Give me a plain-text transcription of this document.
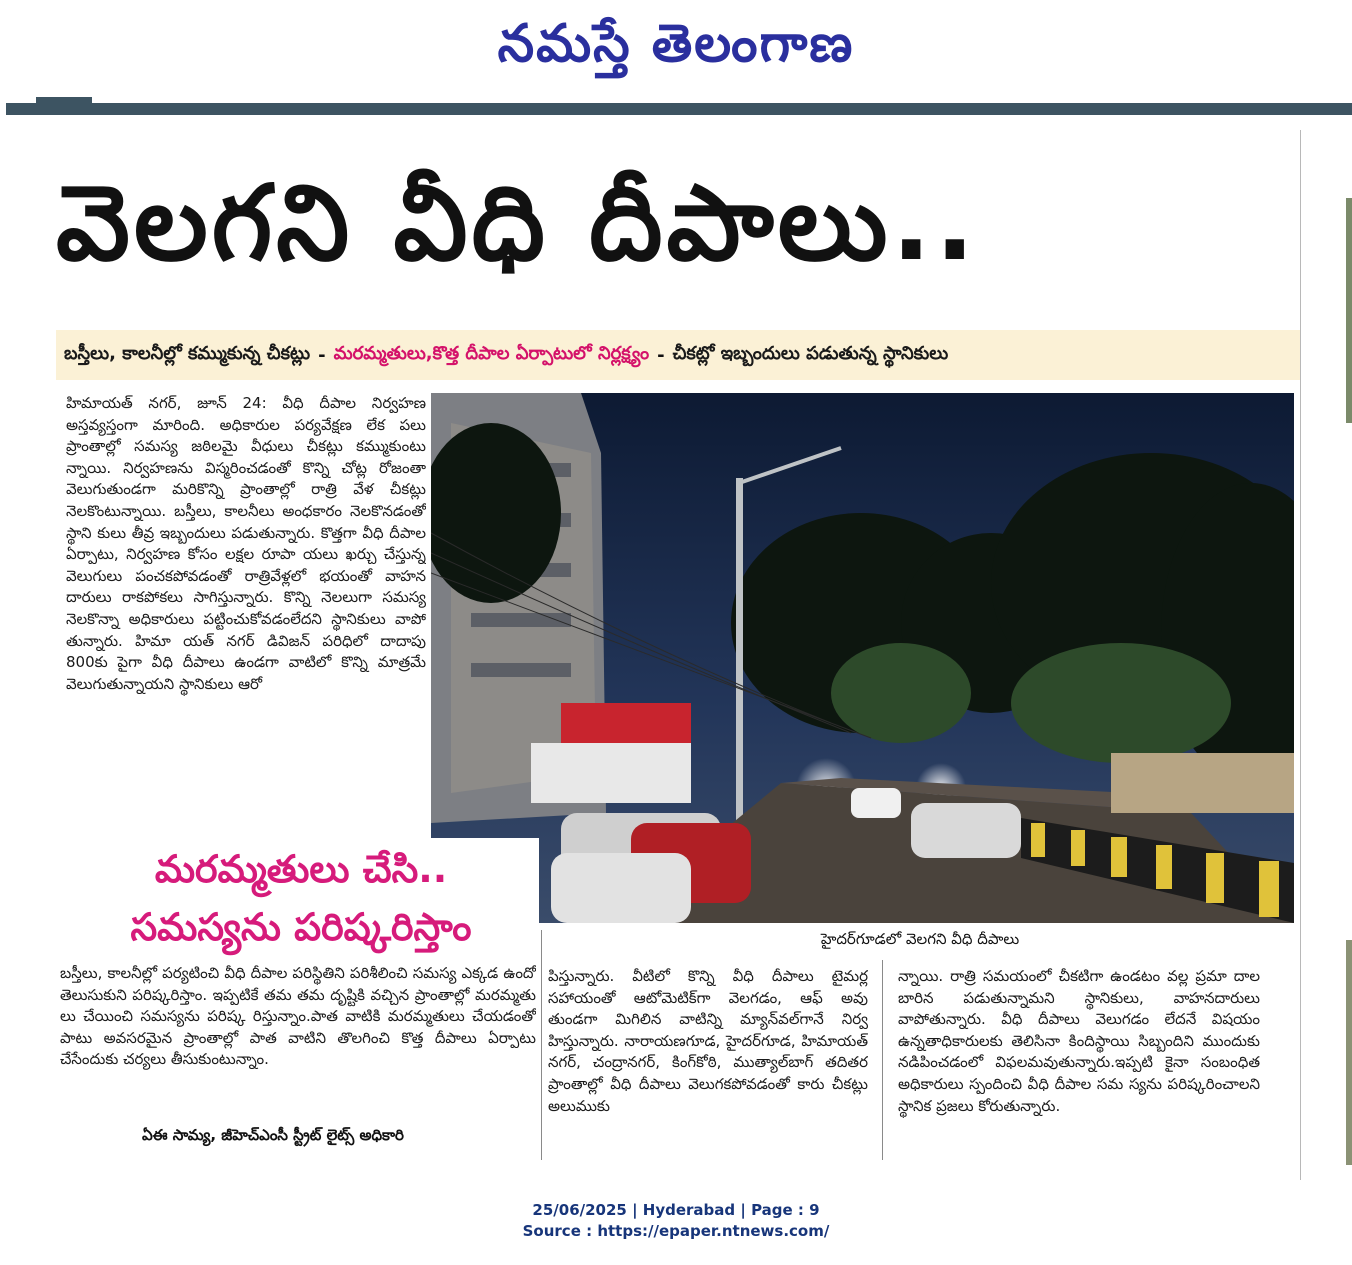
నమస్తే తెలంగాణ
వెలగని వీధి దీపాలు..
బస్తీలు, కాలనీల్లో కమ్ముకున్న చీకట్లు - మరమ్మతులు,కొత్త దీపాల ఏర్పాటులో నిర్లక్ష్యం - చీకట్లో ఇబ్బందులు పడుతున్న స్థానికులు
హిమాయత్ నగర్, జూన్ 24: వీధి దీపాల నిర్వహణ అస్తవ్యస్తంగా మారింది. అధికారుల పర్యవేక్షణ లేక పలు ప్రాంతాల్లో సమస్య జఠిలమై వీధులు చీకట్లు కమ్ముకుంటు న్నాయి. నిర్వహణను విస్మరించడంతో కొన్ని చోట్ల రోజంతా వెలుగుతుండగా మరికొన్ని ప్రాంతాల్లో రాత్రి వేళ చీకట్లు నెలకొంటున్నాయి. బస్తీలు, కాలనీలు అంధకారం నెలకొనడంతో స్థాని కులు తీవ్ర ఇబ్బందులు పడుతున్నారు. కొత్తగా వీధి దీపాల ఏర్పాటు, నిర్వహణ కోసం లక్షల రూపా యలు ఖర్చు చేస్తున్న వెలుగులు పంచకపోవడంతో రాత్రివేళ్లలో భయంతో వాహన దారులు రాకపోకలు సాగిస్తున్నారు. కొన్ని నెలలుగా సమస్య నెలకొన్నా అధికారులు పట్టించుకోవడంలేదని స్థానికులు వాపో తున్నారు. హిమా యత్ నగర్ డివిజన్ పరిధిలో దాదాపు 800కు పైగా వీధి దీపాలు ఉండగా వాటిలో కొన్ని మాత్రమే వెలుగుతున్నాయని స్థానికులు ఆరో
హైదర్‌గూడలో వెలగని వీధి దీపాలు
మరమ్మతులు చేసి..
సమస్యను పరిష్కరిస్తాం
బస్తీలు, కాలనీల్లో పర్యటించి వీధి దీపాల పరిస్థితిని పరిశీలించి సమస్య ఎక్కడ ఉందో తెలుసుకుని పరిష్కరిస్తాం. ఇప్పటికే తమ తమ దృష్టికి వచ్చిన ప్రాంతాల్లో మరమ్మతు లు చేయించి సమస్యను పరిష్క రిస్తున్నాం.పాత వాటికి మరమ్మతులు చేయడంతో పాటు అవసరమైన ప్రాంతాల్లో పాత వాటిని తొలగించి కొత్త దీపాలు ఏర్పాటు చేసేందుకు చర్యలు తీసుకుంటున్నాం.
ఏఈ సామ్య, జీహెచ్ఎంసీ స్ట్రీట్ లైట్స్ అధికారి
పిస్తున్నారు. వీటిలో కొన్ని వీధి దీపాలు టైమర్ల సహాయంతో ఆటోమెటిక్‌గా వెలగడం, ఆఫ్ అవు తుండగా మిగిలిన వాటిన్ని మ్యాన్‌వల్‌గానే నిర్వ హిస్తున్నారు. నారాయణగూడ, హైదర్‌గూడ, హిమాయత్ నగర్, చంద్రానగర్, కింగ్‌కోఠి, ముత్యాల్‌బాగ్ తదితర ప్రాంతాల్లో వీధి దీపాలు వెలుగకపోవడంతో కారు చీకట్లు అలుముకు
న్నాయి. రాత్రి సమయంలో చీకటిగా ఉండటం వల్ల ప్రమా దాల బారిన పడుతున్నామని స్థానికులు, వాహనదారులు వాపోతున్నారు. వీధి దీపాలు వెలుగడం లేదనే విషయం ఉన్నతాధికారులకు తెలిసినా కిందిస్థాయి సిబ్బందిని ముందుకు నడిపించడంలో విఫలమవుతున్నారు.ఇప్పటి కైనా సంబంధిత అధికారులు స్పందించి వీధి దీపాల సమ స్యను పరిష్కరించాలని స్థానిక ప్రజలు కోరుతున్నారు.
25/06/2025 | Hyderabad | Page : 9
Source : https://epaper.ntnews.com/
